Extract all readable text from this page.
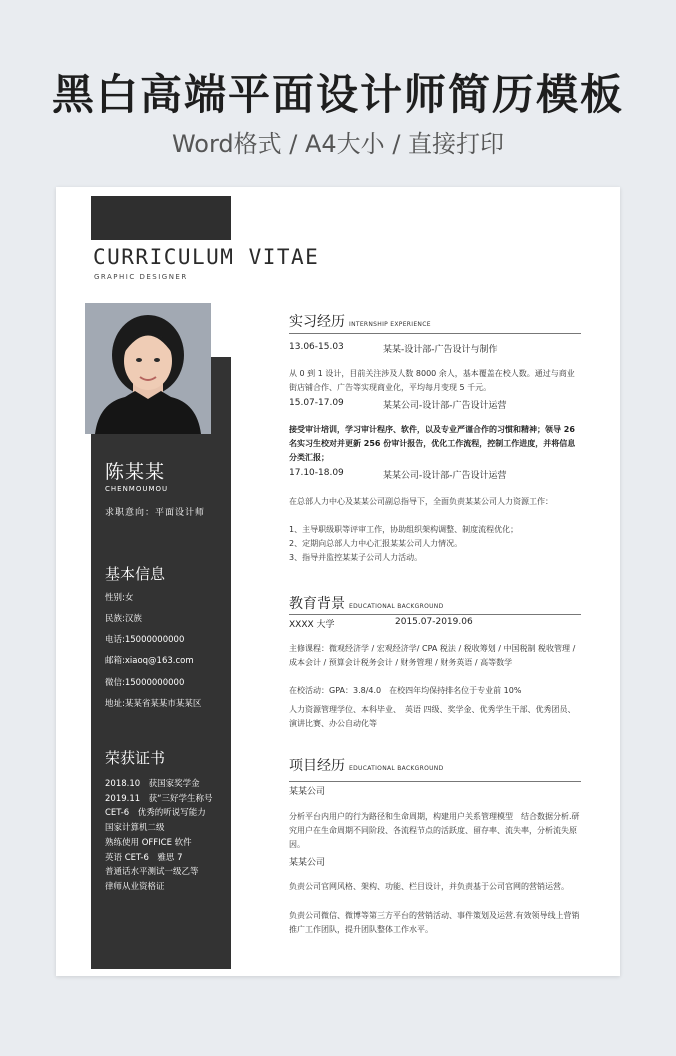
黑白高端平面设计师简历模板
Word格式 / A4大小 / 直接打印
CURRICULUM VITAE
GRAPHIC DESIGNER
陈某某
CHENMOUMOU
求职意向：平面设计师
基本信息
性别:女
民族:汉族
电话:15000000000
邮箱:xiaoq@163.com
微信:15000000000
地址:某某省某某市某某区
荣获证书
2018.10　获国家奖学金
2019.11　获“三好学生称号
CET-6　优秀的听说写能力
国家计算机二级
熟练使用 OFFICE 软件
英语 CET-6　雅思 7
普通话水平测试一级乙等
律师从业资格证
实习经历 INTERNSHIP EXPERIENCE
13.06-15.03	某某-设计部-广告设计与制作
从 0 到 1 设计，目前关注涉及人数 8000 余人，基本覆盖在校人数。通过与商业街店铺合作、广告等实现商业化，平均每月变现 5 千元。
15.07-17.09	某某公司-设计部-广告设计运营
接受审计培训，学习审计程序、软件，以及专业严谨合作的习惯和精神；领导 26 名实习生校对并更新 256 份审计报告，优化工作流程，控制工作进度，并将信息分类汇报；
17.10-18.09	某某公司-设计部-广告设计运营
在总部人力中心及某某公司副总指导下，全面负责某某公司人力资源工作：
1、主导职级职等评审工作，协助组织架构调整、制度流程优化；
2、定期向总部人力中心汇报某某公司人力情况。
3、指导并监控某某子公司人力活动。
教育背景 EDUCATIONAL BACKGROUND
XXXX 大学	2015.07-2019.06
主修课程：微观经济学 / 宏观经济学/ CPA 税法 / 税收筹划 / 中国税制 税收管理 / 成本会计 / 预算会计税务会计 / 财务管理 / 财务英语 / 高等数学
在校活动：GPA：3.8/4.0　在校四年均保持排名位于专业前 10%
人力资源管理学位、本科毕业、　英语 四级、奖学金、优秀学生干部、优秀团员、演讲比赛、办公自动化等
项目经历 EDUCATIONAL BACKGROUND
某某公司
分析平台内用户的行为路径和生命周期，构建用户关系管理模型　结合数据分析.研究用户在生命周期不同阶段、各流程节点的活跃度、留存率、流失率，分析流失原因。
某某公司
负责公司官网风格、架构、功能、栏目设计，并负责基于公司官网的营销运营。
负责公司微信、微博等第三方平台的营销活动、事件策划及运营.有效领导线上营销推广工作团队，提升团队整体工作水平。
